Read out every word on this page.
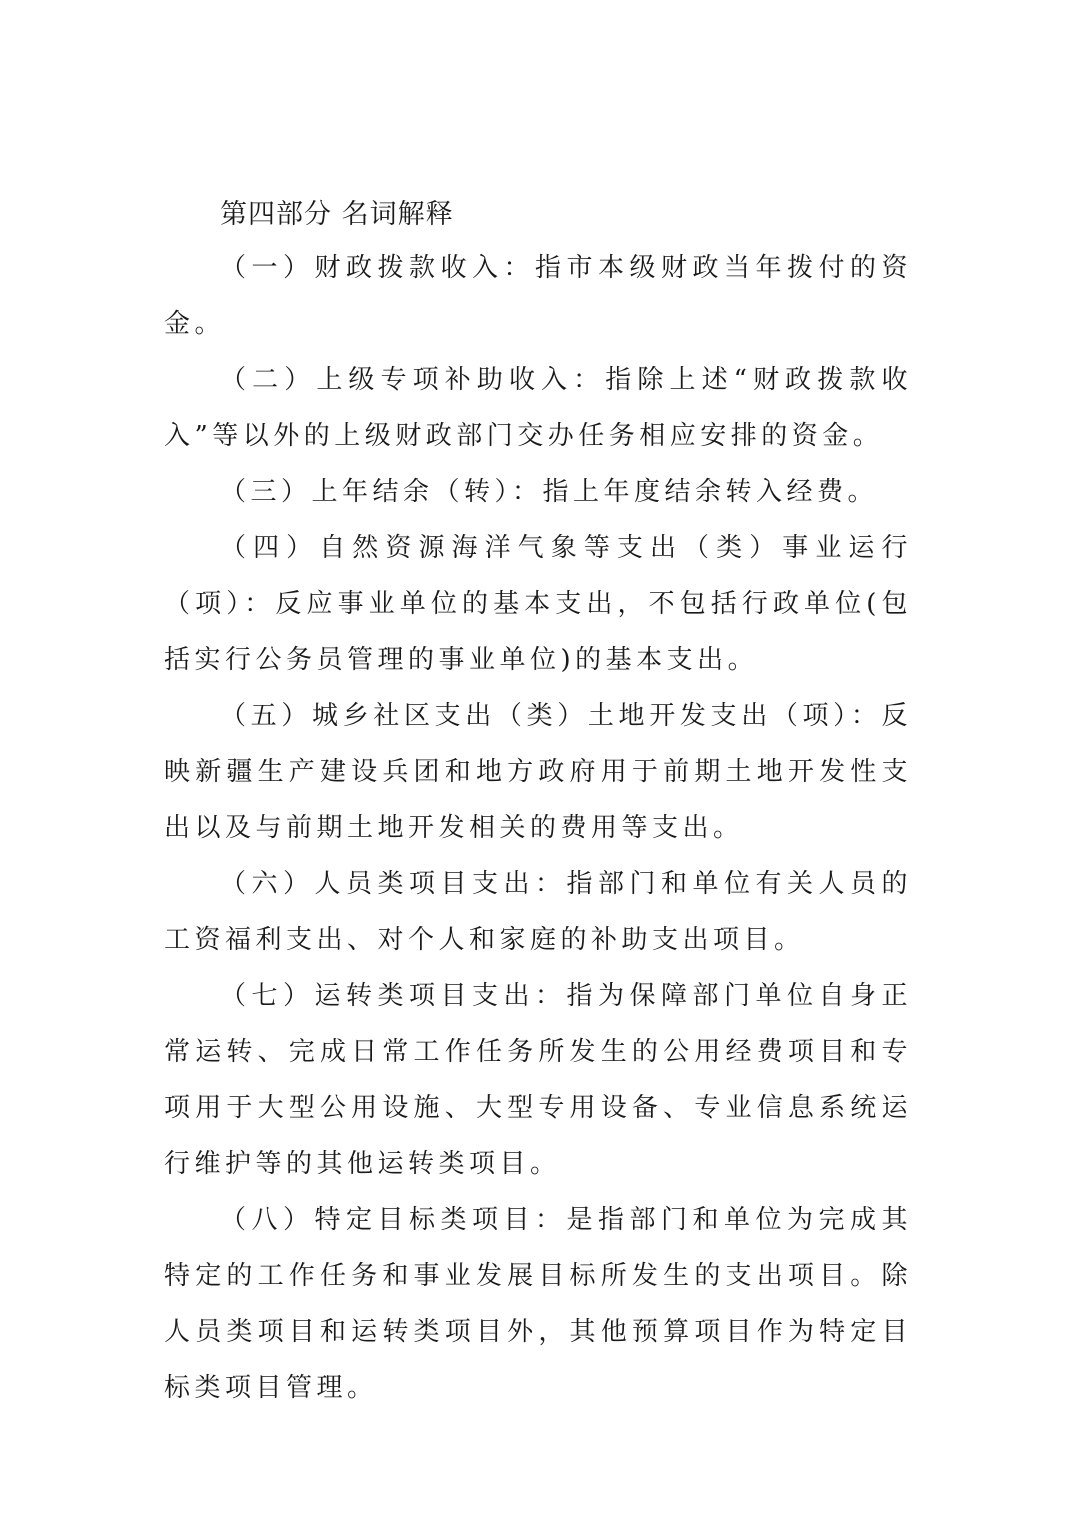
第四部分 名词解释

（一）财政拨款收入：指市本级财政当年拨付的资金。

（二）上级专项补助收入：指除上述“财政拨款收入”等以外的上级财政部门交办任务相应安排的资金。

（三）上年结余（转）：指上年度结余转入经费。

（四）自然资源海洋气象等支出（类）事业运行（项）：反应事业单位的基本支出，不包括行政单位(包括实行公务员管理的事业单位)的基本支出。

（五）城乡社区支出（类）土地开发支出（项）：反映新疆生产建设兵团和地方政府用于前期土地开发性支出以及与前期土地开发相关的费用等支出。

（六）人员类项目支出：指部门和单位有关人员的工资福利支出、对个人和家庭的补助支出项目。

（七）运转类项目支出：指为保障部门单位自身正常运转、完成日常工作任务所发生的公用经费项目和专项用于大型公用设施、大型专用设备、专业信息系统运行维护等的其他运转类项目。

（八）特定目标类项目：是指部门和单位为完成其特定的工作任务和事业发展目标所发生的支出项目。除人员类项目和运转类项目外，其他预算项目作为特定目标类项目管理。
